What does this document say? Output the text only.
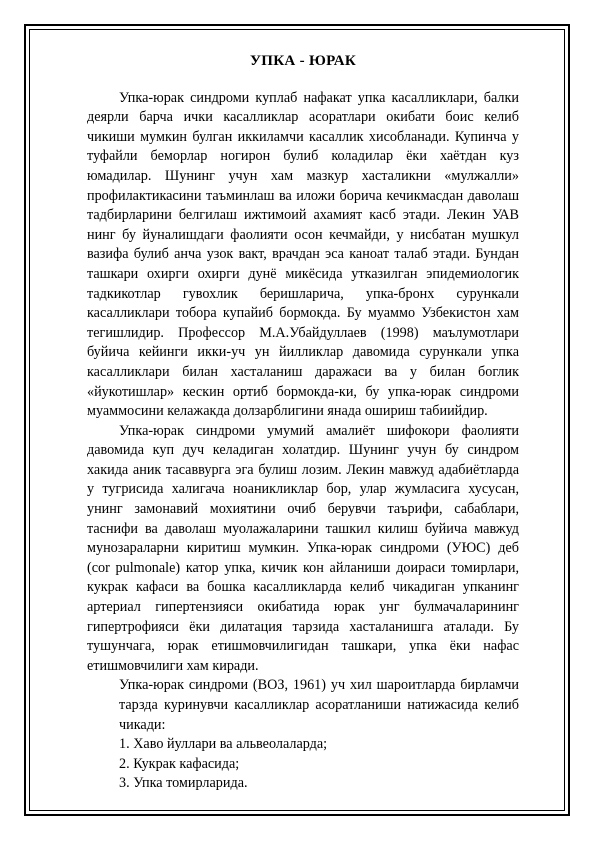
УПКА - ЮРАК

Упка-юрак синдроми куплаб нафакат упка касалликлари, балки деярли барча ички касалликлар асоратлари окибати боис келиб чикиши мумкин булган иккиламчи касаллик хисобланади. Купинча у туфайли беморлар ногирон булиб коладилар ёки хаётдан куз юмадилар. Шунинг учун хам мазкур хасталикни «мулжалли» профилактикасини таъминлаш ва иложи борича кечикмасдан даволаш тадбирларини белгилаш ижтимоий ахамият касб этади. Лекин УАВ нинг бу йуналишдаги фаолияти осон кечмайди, у нисбатан мушкул вазифа булиб анча узок вакт, врачдан эса каноат талаб этади. Бундан ташкари охирги охирги дунё микёсида утказилган эпидемиологик тадкикотлар гувохлик беришларича, упка-бронх сурункали касалликлари тобора купайиб бормокда. Бу муаммо Узбекистон хам тегишлидир. Профессор М.А.Убайдуллаев (1998) маълумотлари буйича кейинги икки-уч ун йилликлар давомида сурункали упка касалликлари билан хасталаниш даражаси ва у билан боглик «йукотишлар» кескин ортиб бормокда-ки, бу упка-юрак синдроми муаммосини келажакда долзарблигини янада ошириш табиийдир.

Упка-юрак синдроми умумий амалиёт шифокори фаолияти давомида куп дуч келадиган холатдир. Шунинг учун бу синдром хакида аник тасаввурга эга булиш лозим. Лекин мавжуд адабиётларда у тугрисида халигача ноаникликлар бор, улар жумласига хусусан, унинг замонавий мохиятини очиб берувчи таърифи, сабаблари, таснифи ва даволаш муолажаларини ташкил килиш буйича мавжуд мунозараларни киритиш мумкин. Упка-юрак синдроми (УЮС) деб (cor pulmonale) катор упка, кичик кон айланиши доираси томирлари, кукрак кафаси ва бошка касалликларда келиб чикадиган упканинг артериал гипертензияси окибатида юрак унг булмачаларининг гипертрофияси ёки дилатация тарзида хасталанишга аталади. Бу тушунчага, юрак етишмовчилигидан ташкари, упка ёки нафас етишмовчилиги хам киради.

Упка-юрак синдроми (ВОЗ, 1961) уч хил шароитларда бирламчи тарзда куринувчи касалликлар асоратланиши натижасида келиб чикади:

1. Хаво йуллари ва альвеолаларда;
2. Кукрак кафасида;
3. Упка томирларида.
